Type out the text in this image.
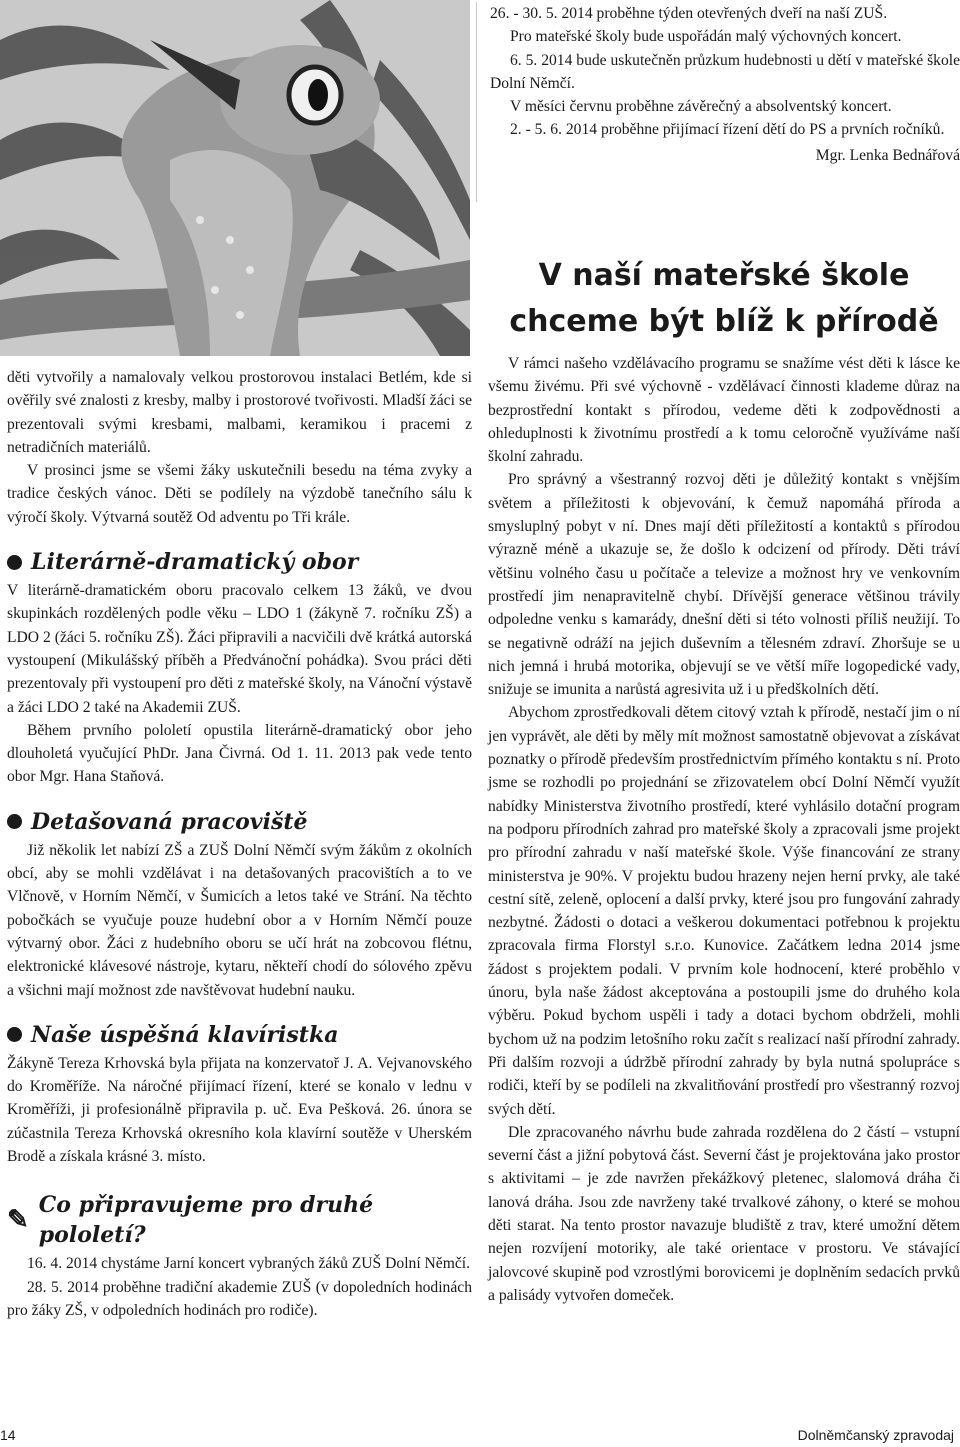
26. - 30. 5. 2014 proběhne týden otevřených dveří na naší ZUŠ.

Pro mateřské školy bude uspořádán malý výchovných koncert.

6. 5. 2014 bude uskutečněn průzkum hudebnosti u dětí v mateřské škole Dolní Němčí.

V měsíci červnu proběhne závěrečný a absolventský koncert.

2. - 5. 6. 2014 proběhne přijímací řízení dětí do PS a prvních ročníků.

Mgr. Lenka Bednářová

V naší mateřské škole
chceme být blíž k přírodě

V rámci našeho vzdělávacího programu se snažíme vést děti k lásce ke všemu živému. Při své výchovně - vzdělávací činnosti klademe důraz na bezprostřední kontakt s přírodou, vedeme děti k zodpovědnosti a ohleduplnosti k životnímu prostředí a k tomu celoročně využíváme naší školní zahradu.

Pro správný a všestranný rozvoj děti je důležitý kontakt s vnějším světem a příležitosti k objevování, k čemuž napomáhá příroda a smysluplný pobyt v ní. Dnes mají děti příležitostí a kontaktů s přírodou výrazně méně a ukazuje se, že došlo k odcizení od přírody. Děti tráví většinu volného času u počítače a televize a možnost hry ve venkovním prostředí jim nenapravitelně chybí. Dřívější generace většinou trávily odpoledne venku s kamarády, dnešní děti si této volnosti příliš neužijí. To se negativně odráží na jejich duševním a tělesném zdraví. Zhoršuje se u nich jemná i hrubá motorika, objevují se ve větší míře logopedické vady, snižuje se imunita a narůstá agresivita už i u předškolních dětí.

Abychom zprostředkovali dětem citový vztah k přírodě, nestačí jim o ní jen vyprávět, ale děti by měly mít možnost samostatně objevovat a získávat poznatky o přírodě především prostřednictvím přímého kontaktu s ní. Proto jsme se rozhodli po projednání se zřizovatelem obcí Dolní Němčí využít nabídky Ministerstva životního prostředí, které vyhlásilo dotační program na podporu přírodních zahrad pro mateřské školy a zpracovali jsme projekt pro přírodní zahradu v naší mateřské škole. Výše financování ze strany ministerstva je 90%. V projektu budou hrazeny nejen herní prvky, ale také cestní sítě, zeleně, oplocení a další prvky, které jsou pro fungování zahrady nezbytné. Žádosti o dotaci a veškerou dokumentaci potřebnou k projektu zpracovala firma Florstyl s.r.o. Kunovice. Začátkem ledna 2014 jsme žádost s projektem podali. V prvním kole hodnocení, které proběhlo v únoru, byla naše žádost akceptována a postoupili jsme do druhého kola výběru. Pokud bychom uspěli i tady a dotaci bychom obdrželi, mohli bychom už na podzim letošního roku začít s realizací naší přírodní zahrady. Při dalším rozvoji a údržbě přírodní zahrady by byla nutná spolupráce s rodiči, kteří by se podíleli na zkvalitňování prostředí pro všestranný rozvoj svých dětí.

Dle zpracovaného návrhu bude zahrada rozdělena do 2 částí – vstupní severní část a jižní pobytová část. Severní část je projektována jako prostor s aktivitami – je zde navržen překážkový pletenec, slalomová dráha či lanová dráha. Jsou zde navrženy také trvalkové záhony, o které se mohou děti starat. Na tento prostor navazuje bludiště z trav, které umožní dětem nejen rozvíjení motoriky, ale také orientace v prostoru. Ve stávající jalovcové skupině pod vzrostlými borovicemi je doplněním sedacích prvků a palisády vytvořen domeček.

děti vytvořily a namalovaly velkou prostorovou instalaci Betlém, kde si ověřily své znalosti z kresby, malby i prostorové tvořivosti. Mladší žáci se prezentovali svými kresbami, malbami, keramikou i pracemi z netradičních materiálů.

V prosinci jsme se všemi žáky uskutečnili besedu na téma zvyky a tradice českých vánoc. Děti se podílely na výzdobě tanečního sálu k výročí školy. Výtvarná soutěž Od adventu po Tři krále.

Literárně-dramatický obor

V literárně-dramatickém oboru pracovalo celkem 13 žáků, ve dvou skupinkách rozdělených podle věku – LDO 1 (žákyně 7. ročníku ZŠ) a LDO 2 (žáci 5. ročníku ZŠ). Žáci připravili a nacvičili dvě krátká autorská vystoupení (Mikulášský příběh a Předvánoční pohádka). Svou práci děti prezentovaly při vystoupení pro děti z mateřské školy, na Vánoční výstavě a žáci LDO 2 také na Akademii ZUŠ.

Během prvního pololetí opustila literárně-dramatický obor jeho dlouholetá vyučující PhDr. Jana Čivrná. Od 1. 11. 2013 pak vede tento obor Mgr. Hana Staňová.

Detašovaná pracoviště

Již několik let nabízí ZŠ a ZUŠ Dolní Němčí svým žákům z okolních obcí, aby se mohli vzdělávat i na detašovaných pracovištích a to ve Vlčnově, v Horním Němčí, v Šumicích a letos také ve Strání. Na těchto pobočkách se vyučuje pouze hudební obor a v Horním Němčí pouze výtvarný obor. Žáci z hudebního oboru se učí hrát na zobcovou flétnu, elektronické klávesové nástroje, kytaru, někteří chodí do sólového zpěvu a všichni mají možnost zde navštěvovat hudební nauku.

Naše úspěšná klavíristka

Žákyně Tereza Krhovská byla přijata na konzervatoř J. A. Vejvanovského do Kroměříže. Na náročné přijímací řízení, které se konalo v lednu v Kroměříži, ji profesionálně připravila p. uč. Eva Pešková. 26. února se zúčastnila Tereza Krhovská okresního kola klavírní soutěže v Uherském Brodě a získala krásné 3. místo.

✎ Co připravujeme pro druhé pololetí?

16. 4. 2014 chystáme Jarní koncert vybraných žáků ZUŠ Dolní Němčí.

28. 5. 2014 proběhne tradiční akademie ZUŠ (v dopoledních hodinách pro žáky ZŠ, v odpoledních hodinách pro rodiče).

14	Dolněmčanský zpravodaj
